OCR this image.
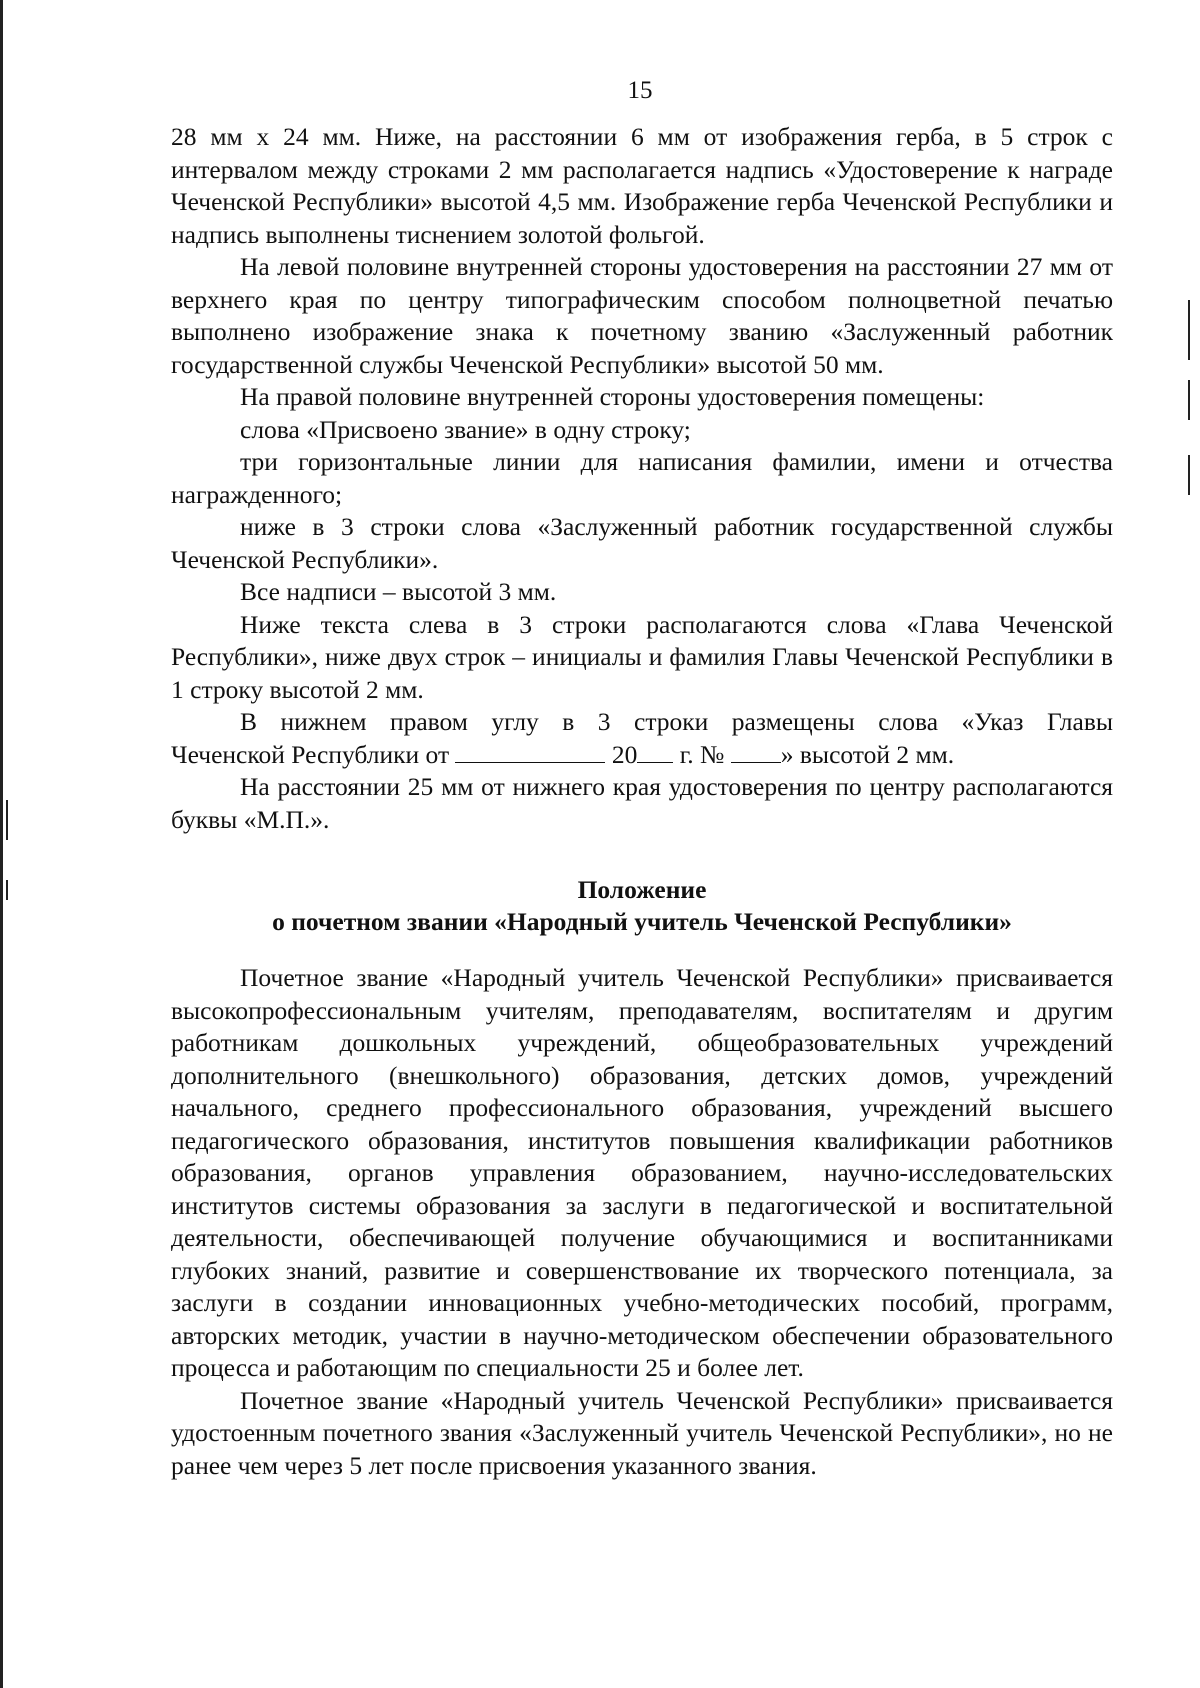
15

28 мм х 24 мм. Ниже, на расстоянии 6 мм от изображения герба, в 5 строк с интервалом между строками 2 мм располагается надпись «Удостоверение к награде Чеченской Республики» высотой 4,5 мм. Изображение герба Чеченской Республики и надпись выполнены тиснением золотой фольгой.

На левой половине внутренней стороны удостоверения на расстоянии 27 мм от верхнего края по центру типографическим способом полноцветной печатью выполнено изображение знака к почетному званию «Заслуженный работник государственной службы Чеченской Республики» высотой 50 мм.

На правой половине внутренней стороны удостоверения помещены:

слова «Присвоено звание» в одну строку;

три горизонтальные линии для написания фамилии, имени и отчества награжденного;

ниже в 3 строки слова «Заслуженный работник государственной службы Чеченской Республики».

Все надписи – высотой 3 мм.

Ниже текста слева в 3 строки располагаются слова «Глава Чеченской Республики», ниже двух строк – инициалы и фамилия Главы Чеченской Республики в 1 строку высотой 2 мм.

В нижнем правом углу в 3 строки размещены слова «Указ Главы

Чеченской Республики от	20 г. № » высотой 2 мм.

На расстоянии 25 мм от нижнего края удостоверения по центру располагаются буквы «М.П.».

Положение
о почетном звании «Народный учитель Чеченской Республики»

Почетное звание «Народный учитель Чеченской Республики» присваивается высокопрофессиональным учителям, преподавателям, воспитателям и другим работникам дошкольных учреждений, общеобразовательных учреждений дополнительного (внешкольного) образования, детских домов, учреждений начального, среднего профессионального образования, учреждений высшего педагогического образования, институтов повышения квалификации работников образования, органов управления образованием, научно-исследовательских институтов системы образования за заслуги в педагогической и воспитательной деятельности, обеспечивающей получение обучающимися и воспитанниками глубоких знаний, развитие и совершенствование их творческого потенциала, за заслуги в создании инновационных учебно-методических пособий, программ, авторских методик, участии в научно-методическом обеспечении образовательного процесса и работающим по специальности 25 и более лет.

Почетное звание «Народный учитель Чеченской Республики» присваивается удостоенным почетного звания «Заслуженный учитель Чеченской Республики», но не ранее чем через 5 лет после присвоения указанного звания.
